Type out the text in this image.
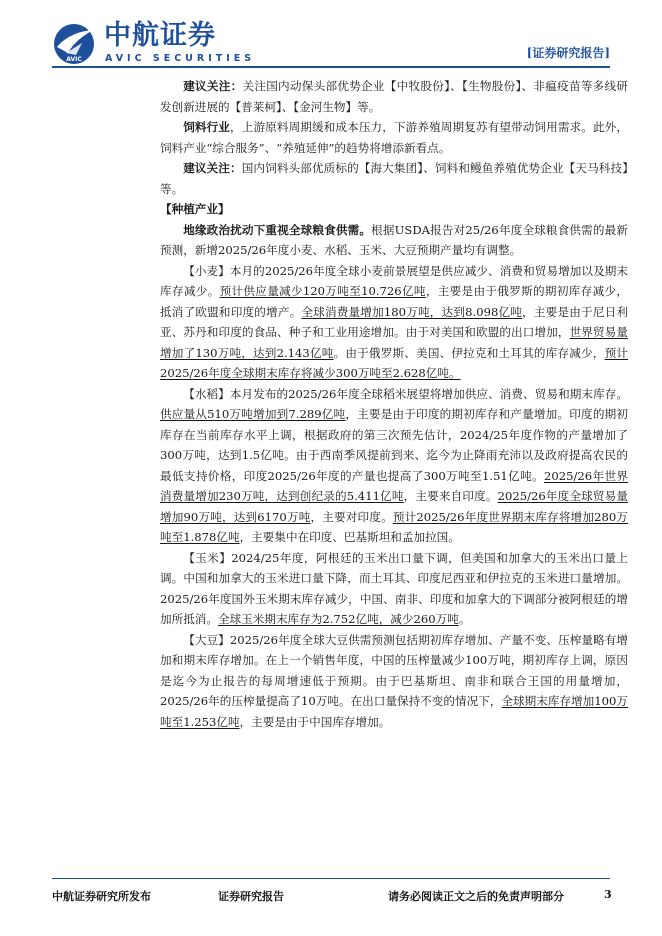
AVIC
中航证券
AVIC SECURITIES	[证券研究报告]

建议关注：关注国内动保头部优势企业【中牧股份】、【生物股份】、非瘟疫苗等多线研发创新进展的【普莱柯】、【金河生物】等。

饲料行业，上游原料周期缓和成本压力，下游养殖周期复苏有望带动饲用需求。此外，饲料产业“综合服务”、“养殖延伸”的趋势将增添新看点。

建议关注：国内饲料头部优质标的【海大集团】、饲料和鳗鱼养殖优势企业【天马科技】等。

【种植产业】

地缘政治扰动下重视全球粮食供需。根据USDA报告对25/26年度全球粮食供需的最新预测，新增2025/26年度小麦、水稻、玉米、大豆预期产量均有调整。

【小麦】本月的2025/26年度全球小麦前景展望是供应减少、消费和贸易增加以及期末库存减少。预计供应量减少120万吨至10.726亿吨，主要是由于俄罗斯的期初库存减少，抵消了欧盟和印度的增产。全球消费量增加180万吨，达到8.098亿吨，主要是由于尼日利亚、苏丹和印度的食品、种子和工业用途增加。由于对美国和欧盟的出口增加，世界贸易量增加了130万吨，达到2.143亿吨。由于俄罗斯、美国、伊拉克和土耳其的库存减少，预计2025/26年度全球期末库存将减少300万吨至2.628亿吨。

【水稻】本月发布的2025/26年度全球稻米展望将增加供应、消费、贸易和期末库存。供应量从510万吨增加到7.289亿吨，主要是由于印度的期初库存和产量增加。印度的期初库存在当前库存水平上调，根据政府的第三次预先估计，2024/25年度作物的产量增加了300万吨，达到1.5亿吨。由于西南季风提前到来、迄今为止降雨充沛以及政府提高农民的最低支持价格，印度2025/26年度的产量也提高了300万吨至1.51亿吨。2025/26年世界消费量增加230万吨，达到创纪录的5.411亿吨，主要来自印度。2025/26年度全球贸易量增加90万吨，达到6170万吨，主要对印度。预计2025/26年度世界期末库存将增加280万吨至1.878亿吨，主要集中在印度、巴基斯坦和孟加拉国。

【玉米】2024/25年度，阿根廷的玉米出口量下调，但美国和加拿大的玉米出口量上调。中国和加拿大的玉米进口量下降，而土耳其、印度尼西亚和伊拉克的玉米进口量增加。2025/26年度国外玉米期末库存减少，中国、南非、印度和加拿大的下调部分被阿根廷的增加所抵消。全球玉米期末库存为2.752亿吨，减少260万吨。

【大豆】2025/26年度全球大豆供需预测包括期初库存增加、产量不变、压榨量略有增加和期末库存增加。在上一个销售年度，中国的压榨量减少100万吨，期初库存上调，原因是迄今为止报告的每周增速低于预期。由于巴基斯坦、南非和联合王国的用量增加，2025/26年的压榨量提高了10万吨。在出口量保持不变的情况下，全球期末库存增加100万吨至1.253亿吨，主要是由于中国库存增加。

中航证券研究所发布	证券研究报告	请务必阅读正文之后的免责声明部分	3
